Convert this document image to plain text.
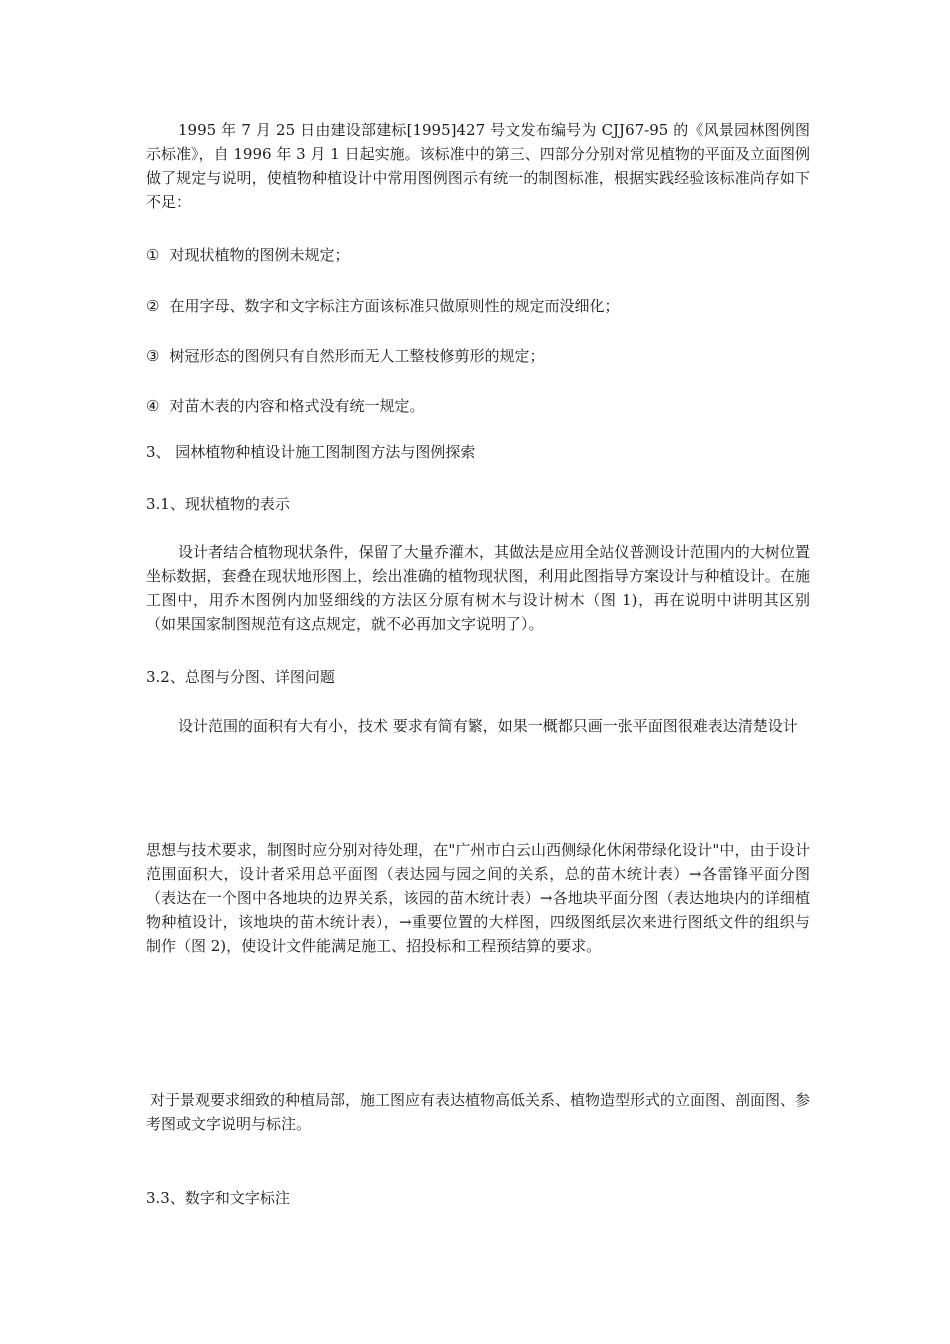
1995 年 7 月 25 日由建设部建标[1995]427 号文发布编号为 CJJ67-95 的《风景园林图例图示标准》，自 1996 年 3 月 1 日起实施。该标准中的第三、四部分分别对常见植物的平面及立面图例做了规定与说明，使植物种植设计中常用图例图示有统一的制图标准，根据实践经验该标准尚存如下不足：

① 对现状植物的图例未规定；

② 在用字母、数字和文字标注方面该标准只做原则性的规定而没细化；

③ 树冠形态的图例只有自然形而无人工整枝修剪形的规定；

④ 对苗木表的内容和格式没有统一规定。

3、 园林植物种植设计施工图制图方法与图例探索

3.1、现状植物的表示

设计者结合植物现状条件，保留了大量乔灌木，其做法是应用全站仪普测设计范围内的大树位置坐标数据，套叠在现状地形图上，绘出准确的植物现状图，利用此图指导方案设计与种植设计。在施工图中，用乔木图例内加竖细线的方法区分原有树木与设计树木（图 1)，再在说明中讲明其区别（如果国家制图规范有这点规定，就不必再加文字说明了）。

3.2、总图与分图、详图问题

设计范围的面积有大有小，技术 要求有简有繁，如果一概都只画一张平面图很难表达清楚设计

思想与技术要求，制图时应分别对待处理，在"广州市白云山西侧绿化休闲带绿化设计"中，由于设计范围面积大，设计者采用总平面图（表达园与园之间的关系，总的苗木统计表）→各雷锋平面分图（表达在一个图中各地块的边界关系，该园的苗木统计表）→各地块平面分图（表达地块内的详细植物种植设计，该地块的苗木统计表），→重要位置的大样图，四级图纸层次来进行图纸文件的组织与制作（图 2)，使设计文件能满足施工、招投标和工程预结算的要求。

对于景观要求细致的种植局部，施工图应有表达植物高低关系、植物造型形式的立面图、剖面图、参考图或文字说明与标注。

3.3、数字和文字标注
